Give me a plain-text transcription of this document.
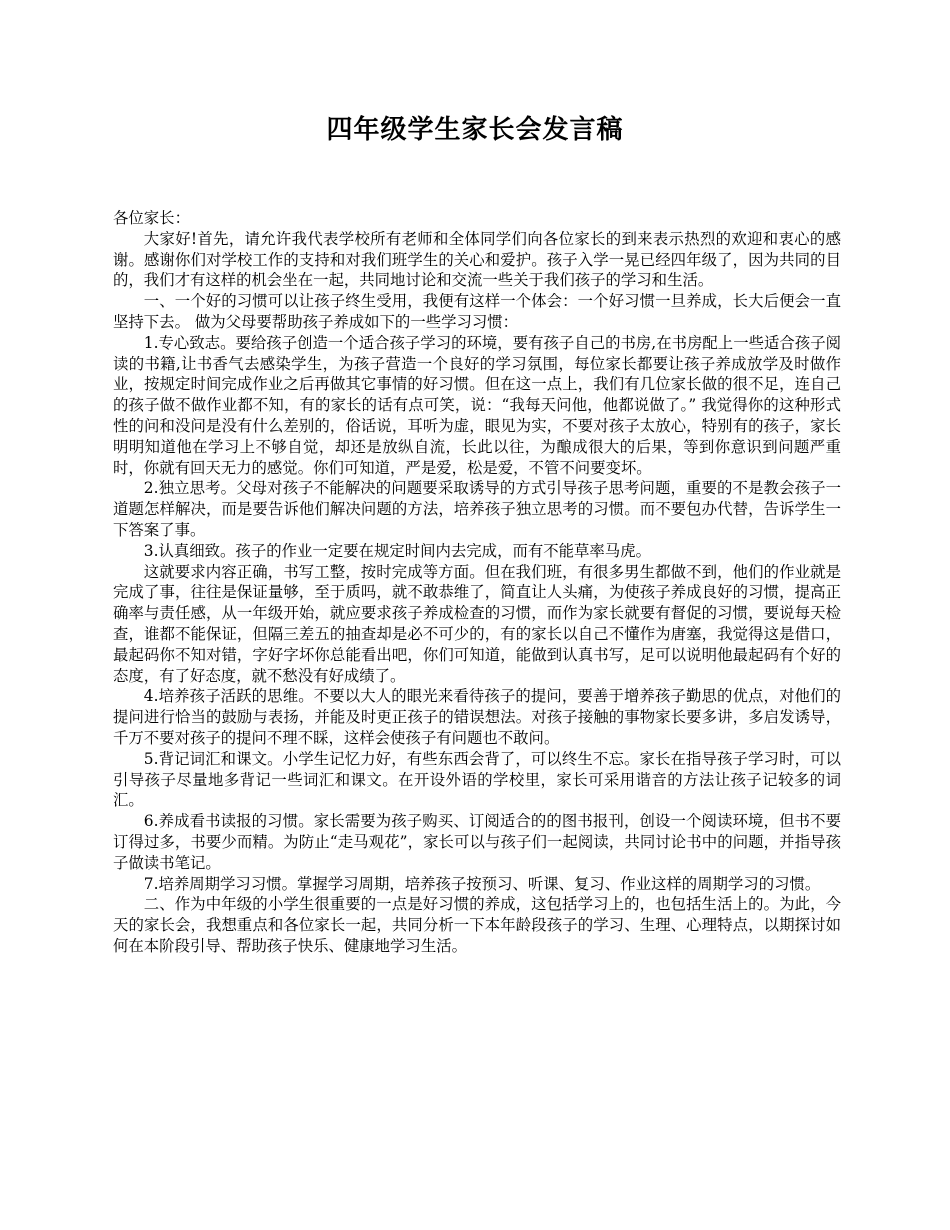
四年级学生家长会发言稿

各位家长：

大家好!首先，请允许我代表学校所有老师和全体同学们向各位家长的到来表示热烈的欢迎和衷心的感谢。感谢你们对学校工作的支持和对我们班学生的关心和爱护。孩子入学一晃已经四年级了，因为共同的目的，我们才有这样的机会坐在一起，共同地讨论和交流一些关于我们孩子的学习和生活。

一、一个好的习惯可以让孩子终生受用，我便有这样一个体会：一个好习惯一旦养成，长大后便会一直坚持下去。 做为父母要帮助孩子养成如下的一些学习习惯：

1.专心致志。要给孩子创造一个适合孩子学习的环境，要有孩子自己的书房,在书房配上一些适合孩子阅读的书籍,让书香气去感染学生，为孩子营造一个良好的学习氛围，每位家长都要让孩子养成放学及时做作业，按规定时间完成作业之后再做其它事情的好习惯。但在这一点上，我们有几位家长做的很不足，连自己的孩子做不做作业都不知，有的家长的话有点可笑，说：“我每天问他，他都说做了。” 我觉得你的这种形式性的问和没问是没有什么差别的，俗话说，耳听为虚，眼见为实，不要对孩子太放心，特别有的孩子，家长明明知道他在学习上不够自觉，却还是放纵自流，长此以往，为酿成很大的后果，等到你意识到问题严重时，你就有回天无力的感觉。你们可知道，严是爱，松是爱，不管不问要变坏。

2.独立思考。父母对孩子不能解决的问题要采取诱导的方式引导孩子思考问题，重要的不是教会孩子一道题怎样解决，而是要告诉他们解决问题的方法，培养孩子独立思考的习惯。而不要包办代替，告诉学生一下答案了事。

3.认真细致。孩子的作业一定要在规定时间内去完成，而有不能草率马虎。

这就要求内容正确，书写工整，按时完成等方面。但在我们班，有很多男生都做不到，他们的作业就是完成了事，往往是保证量够，至于质吗，就不敢恭维了，简直让人头痛，为使孩子养成良好的习惯，提高正确率与责任感，从一年级开始，就应要求孩子养成检查的习惯，而作为家长就要有督促的习惯，要说每天检查，谁都不能保证，但隔三差五的抽查却是必不可少的，有的家长以自己不懂作为唐塞，我觉得这是借口，最起码你不知对错，字好字坏你总能看出吧，你们可知道，能做到认真书写，足可以说明他最起码有个好的态度，有了好态度，就不愁没有好成绩了。

4.培养孩子活跃的思维。不要以大人的眼光来看待孩子的提问，要善于增养孩子勤思的优点，对他们的提问进行恰当的鼓励与表扬，并能及时更正孩子的错误想法。对孩子接触的事物家长要多讲，多启发诱导，千万不要对孩子的提问不理不睬，这样会使孩子有问题也不敢问。

5.背记词汇和课文。小学生记忆力好，有些东西会背了，可以终生不忘。家长在指导孩子学习时，可以引导孩子尽量地多背记一些词汇和课文。在开设外语的学校里，家长可采用谐音的方法让孩子记较多的词汇。

6.养成看书读报的习惯。家长需要为孩子购买、订阅适合的的图书报刊，创设一个阅读环境，但书不要订得过多，书要少而精。为防止“走马观花”，家长可以与孩子们一起阅读，共同讨论书中的问题，并指导孩子做读书笔记。

7.培养周期学习习惯。掌握学习周期，培养孩子按预习、听课、复习、作业这样的周期学习的习惯。

二、作为中年级的小学生很重要的一点是好习惯的养成，这包括学习上的，也包括生活上的。为此，今天的家长会，我想重点和各位家长一起，共同分析一下本年龄段孩子的学习、生理、心理特点，以期探讨如何在本阶段引导、帮助孩子快乐、健康地学习生活。
